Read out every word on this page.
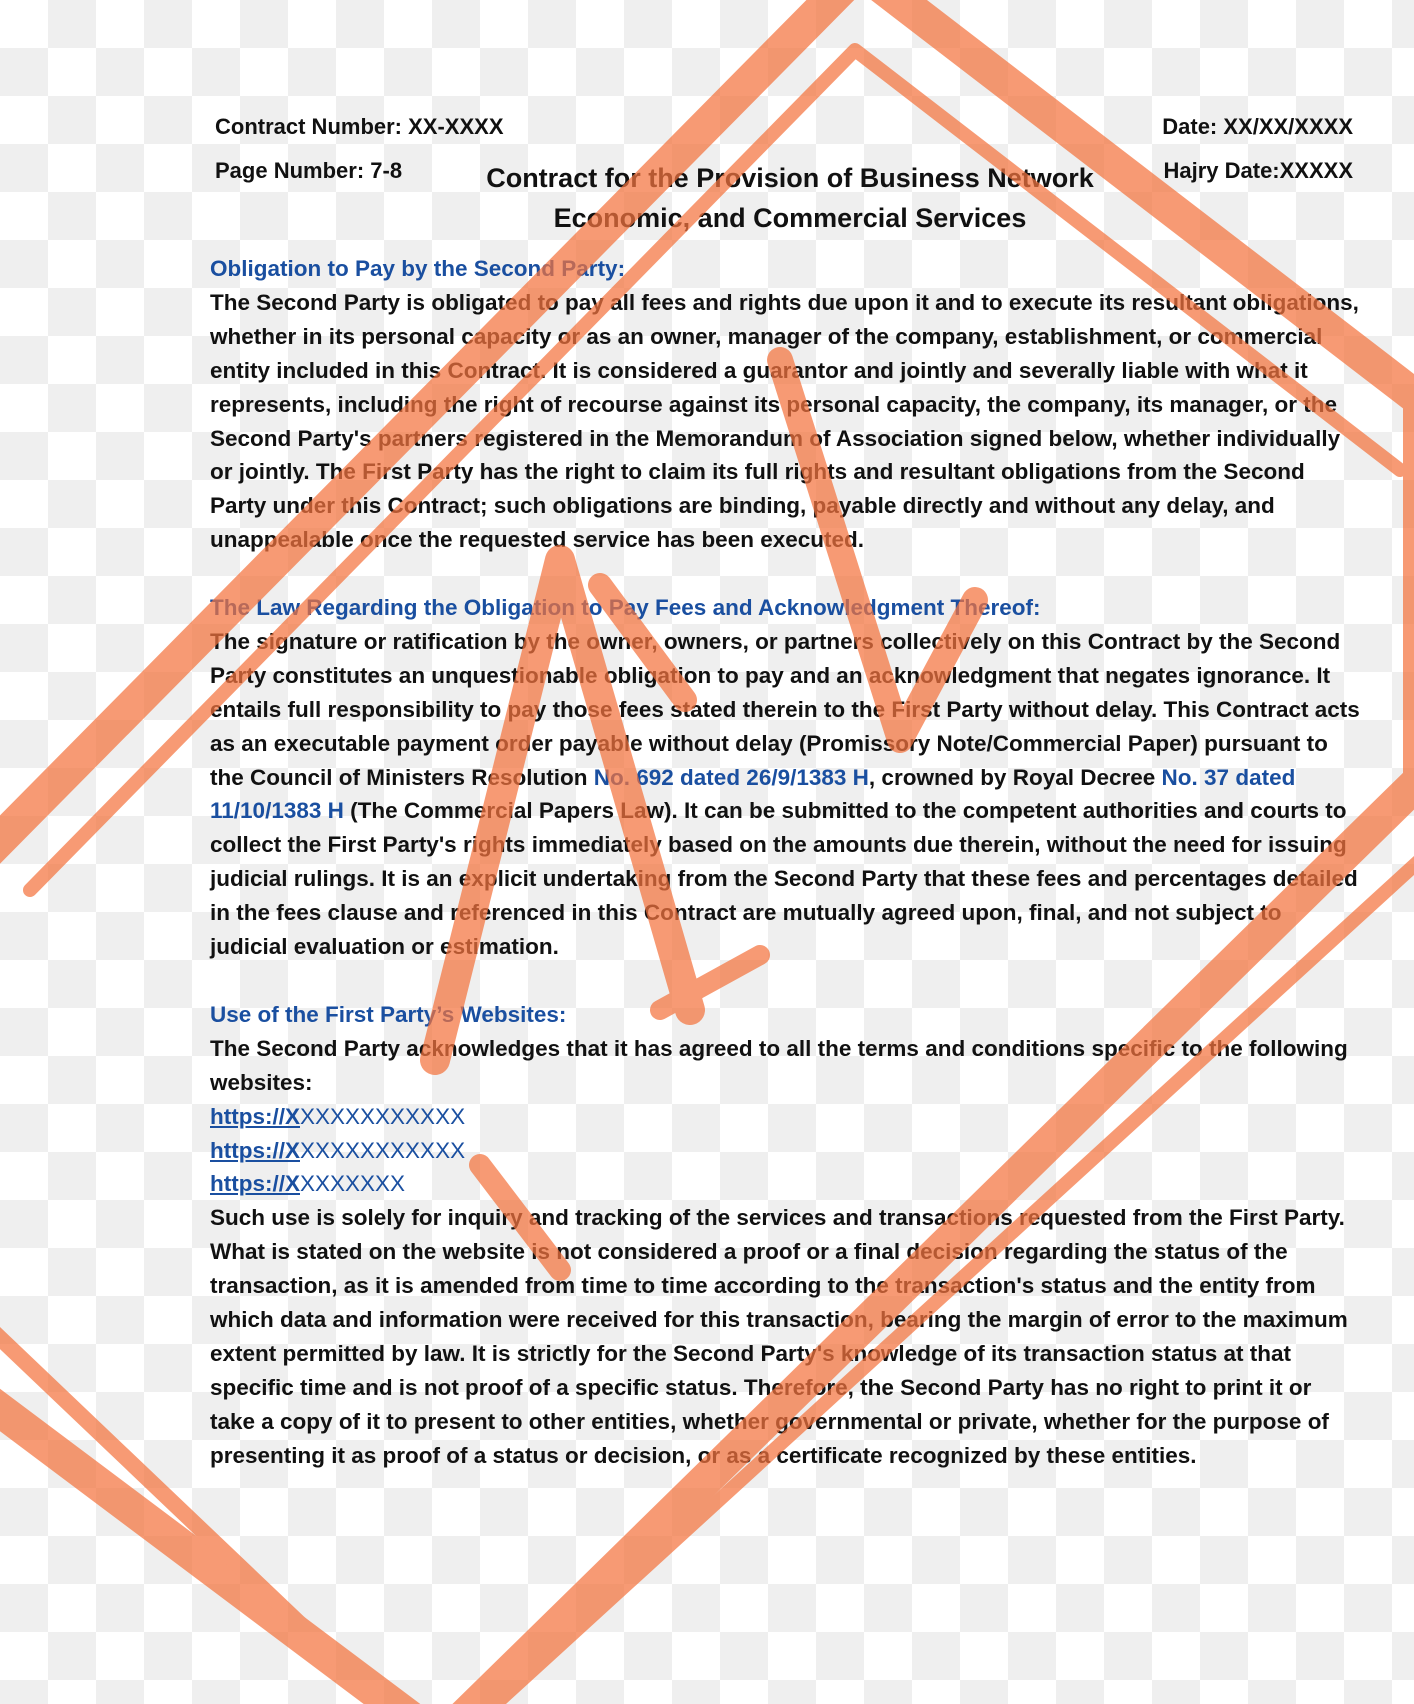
Contract Number: XX-XXXX
Page Number: 7-8
Date: XX/XX/XXXX
Hajry Date:XXXXX
Contract for the Provision of Business Network
Economic, and Commercial Services
Obligation to Pay by the Second Party:

The Second Party is obligated to pay all fees and rights due upon it and to execute its resultant obligations, whether in its personal capacity or as an owner, manager of the company, establishment, or commercial entity included in this Contract. It is considered a guarantor and jointly and severally liable with what it represents, including the right of recourse against its personal capacity, the company, its manager, or the Second Party's partners registered in the Memorandum of Association signed below, whether individually or jointly. The First Party has the right to claim its full rights and resultant obligations from the Second Party under this Contract; such obligations are binding, payable directly and without any delay, and unappealable once the requested service has been executed.

The Law Regarding the Obligation to Pay Fees and Acknowledgment Thereof:

The signature or ratification by the owner, owners, or partners collectively on this Contract by the Second Party constitutes an unquestionable obligation to pay and an acknowledgment that negates ignorance. It entails full responsibility to pay those fees stated therein to the First Party without delay. This Contract acts as an executable payment order payable without delay (Promissory Note/Commercial Paper) pursuant to the Council of Ministers Resolution No. 692 dated 26/9/1383 H, crowned by Royal Decree No. 37 dated 11/10/1383 H (The Commercial Papers Law). It can be submitted to the competent authorities and courts to collect the First Party's rights immediately based on the amounts due therein, without the need for issuing judicial rulings. It is an explicit undertaking from the Second Party that these fees and percentages detailed in the fees clause and referenced in this Contract are mutually agreed upon, final, and not subject to judicial evaluation or estimation.

Use of the First Party’s Websites:

The Second Party acknowledges that it has agreed to all the terms and conditions specific to the following websites:

https://XXXXXXXXXXXX
https://XXXXXXXXXXXX
https://XXXXXXXX

Such use is solely for inquiry and tracking of the services and transactions requested from the First Party. What is stated on the website is not considered a proof or a final decision regarding the status of the transaction, as it is amended from time to time according to the transaction's status and the entity from which data and information were received for this transaction, bearing the margin of error to the maximum extent permitted by law. It is strictly for the Second Party's knowledge of its transaction status at that specific time and is not proof of a specific status. Therefore, the Second Party has no right to print it or take a copy of it to present to other entities, whether governmental or private, whether for the purpose of presenting it as proof of a status or decision, or as a certificate recognized by these entities.
